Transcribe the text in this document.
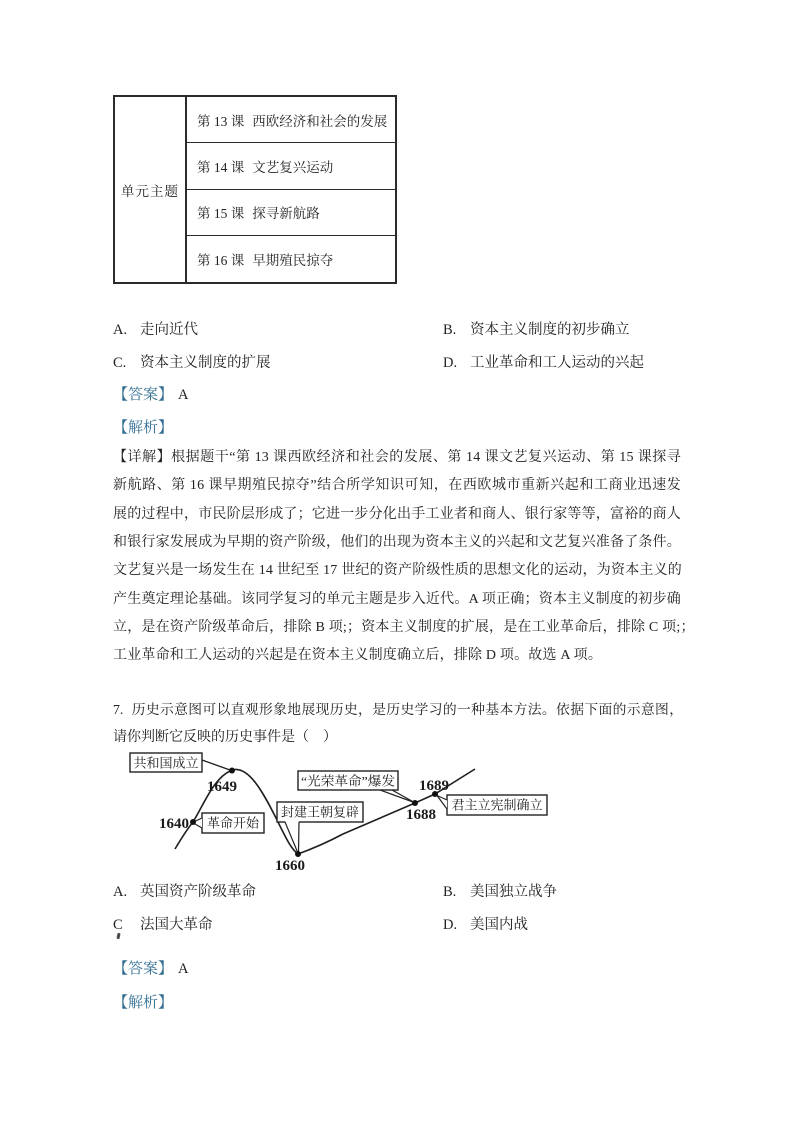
单元主题
第 13 课 西欧经济和社会的发展
第 14 课 文艺复兴运动
第 15 课 探寻新航路
第 16 课 早期殖民掠夺
A. 走向近代	B. 资本主义制度的初步确立
C. 资本主义制度的扩展	D. 工业革命和工人运动的兴起
【答案】 A
【解析】
【详解】根据题干“第 13 课西欧经济和社会的发展、第 14 课文艺复兴运动、第 15 课探寻
新航路、第 16 课早期殖民掠夺”结合所学知识可知，在西欧城市重新兴起和工商业迅速发
展的过程中，市民阶层形成了；它进一步分化出手工业者和商人、银行家等等，富裕的商人
和银行家发展成为早期的资产阶级，他们的出现为资本主义的兴起和文艺复兴准备了条件。
文艺复兴是一场发生在 14 世纪至 17 世纪的资产阶级性质的思想文化的运动，为资本主义的
产生奠定理论基础。该同学复习的单元主题是步入近代。A 项正确；资本主义制度的初步确
立，是在资产阶级革命后，排除 B 项;；资本主义制度的扩展，是在工业革命后，排除 C 项;；
工业革命和工人运动的兴起是在资本主义制度确立后，排除 D 项。故选 A 项。
7. 历史示意图可以直观形象地展现历史，是历史学习的一种基本方法。依据下面的示意图，
请你判断它反映的历史事件是（　）
共和国成立
革命开始
封建王朝复辟
“光荣革命”爆发
君主立宪制确立
1640
1649
1660
1688
1689
A. 英国资产阶级革命	B. 美国独立战争
C 法国大革命	D. 美国内战
【答案】 A
【解析】
